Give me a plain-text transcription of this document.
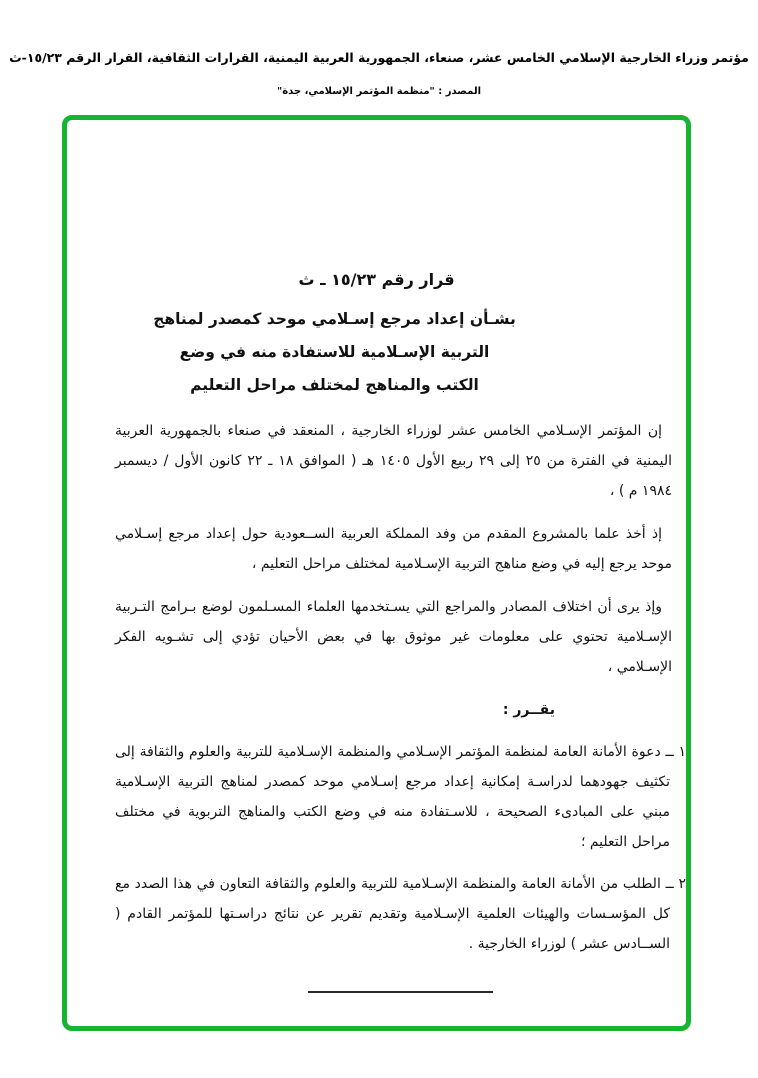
مؤتمر وزراء الخارجية الإسلامي الخامس عشر، صنعاء، الجمهورية العربية اليمنية، القرارات الثقافية، القرار الرقم ١٥/٢٣-ث
المصدر : "منظمة المؤتمر الإسلامي، جدة"
قرار رقم ١٥/٢٣ ـ ث
بشـأن إعداد مرجع إسـلامي موحد كمصدر لمناهج
التربية الإسـلامية للاستفادة منه في وضع
الكتب والمناهج لمختلف مراحل التعليم

إن المؤتمر الإسـلامي الخامس عشر لوزراء الخارجية ، المنعقد في صنعاء بالجمهورية العربية اليمنية في الفترة من ٢٥ إلى ٢٩ ربيع الأول ١٤٠٥ هـ ( الموافق ١٨ ـ ٢٢ كانون الأول / ديسمبر ١٩٨٤ م ) ،

إذ أخذ علما بالمشروع المقدم من وفد المملكة العربية الســعودية حول إعداد مرجع إسـلامي موحد يرجع إليه في وضع مناهج التربية الإسـلامية لمختلف مراحل التعليم ،

وإذ يرى أن اختلاف المصادر والمراجع التي يسـتخدمها العلماء المسـلمون لوضع بـرامج التـربية الإسـلامية تحتوي على معلومات غير موثوق بها في بعض الأحيان تؤدي إلى تشـويه الفكر الإسـلامي ،

يقــرر :

١ ــ دعوة الأمانة العامة لمنظمة المؤتمر الإسـلامي والمنظمة الإسـلامية للتربية والعلوم والثقافة إلى تكثيف جهودهما لدراسـة إمكانية إعداد مرجع إسـلامي موحد كمصدر لمناهج التربية الإسـلامية مبني على المبادىء الصحيحة ، للاسـتفادة منه في وضع الكتب والمناهج التربوية في مختلف مراحل التعليم ؛

٢ ــ الطلب من الأمانة العامة والمنظمة الإسـلامية للتربية والعلوم والثقافة التعاون في هذا الصدد مع كل المؤسـسات والهيئات العلمية الإسـلامية وتقديم تقرير عن نتائج دراسـتها للمؤتمر القادم ( الســادس عشر ) لوزراء الخارجية .
